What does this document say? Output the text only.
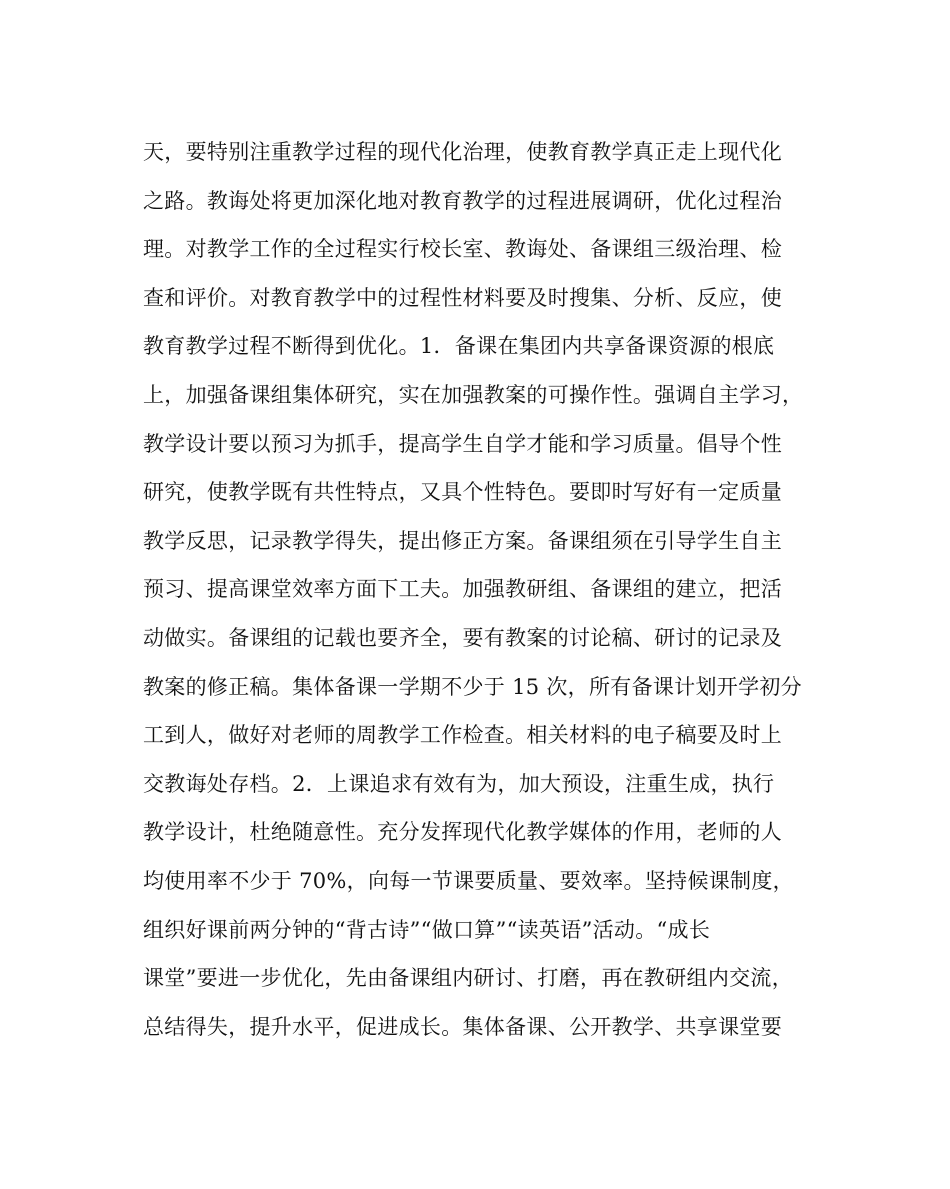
天，要特别注重教学过程的现代化治理，使教育教学真正走上现代化
之路。教诲处将更加深化地对教育教学的过程进展调研，优化过程治
理。对教学工作的全过程实行校长室、教诲处、备课组三级治理、检
查和评价。对教育教学中的过程性材料要及时搜集、分析、反应，使
教育教学过程不断得到优化。1．备课在集团内共享备课资源的根底
上，加强备课组集体研究，实在加强教案的可操作性。强调自主学习，
教学设计要以预习为抓手，提高学生自学才能和学习质量。倡导个性
研究，使教学既有共性特点，又具个性特色。要即时写好有一定质量
教学反思，记录教学得失，提出修正方案。备课组须在引导学生自主
预习、提高课堂效率方面下工夫。加强教研组、备课组的建立，把活
动做实。备课组的记载也要齐全，要有教案的讨论稿、研讨的记录及
教案的修正稿。集体备课一学期不少于 15 次，所有备课计划开学初分
工到人，做好对老师的周教学工作检查。相关材料的电子稿要及时上
交教诲处存档。2．上课追求有效有为，加大预设，注重生成，执行
教学设计，杜绝随意性。充分发挥现代化教学媒体的作用，老师的人
均使用率不少于 70%，向每一节课要质量、要效率。坚持候课制度，
组织好课前两分钟的“背古诗”“做口算”“读英语”活动。“成长
课堂”要进一步优化，先由备课组内研讨、打磨，再在教研组内交流，
总结得失，提升水平，促进成长。集体备课、公开教学、共享课堂要
